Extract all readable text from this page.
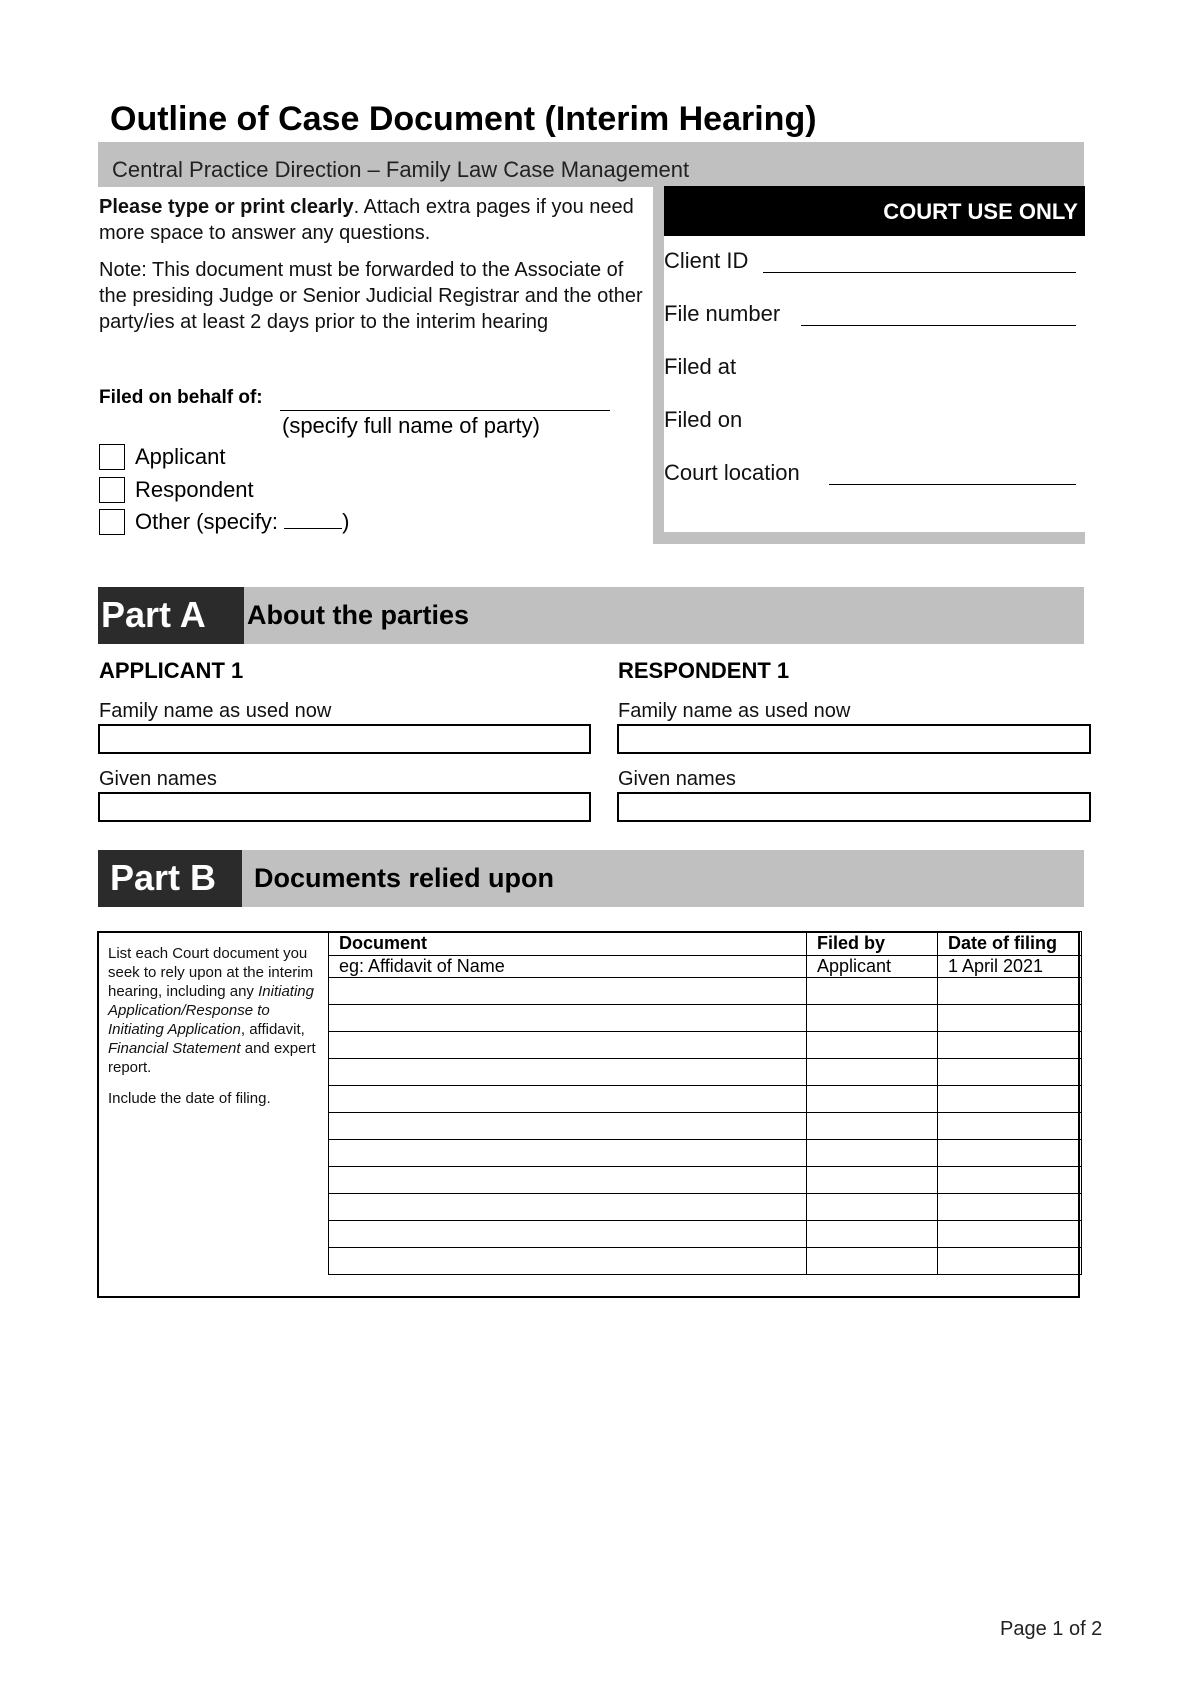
Outline of Case Document (Interim Hearing)
Central Practice Direction – Family Law Case Management
Please type or print clearly. Attach extra pages if you need more space to answer any questions.
Note: This document must be forwarded to the Associate of the presiding Judge or Senior Judicial Registrar and the other party/ies at least 2 days prior to the interim hearing
Filed on behalf of:
(specify full name of party)
Applicant
Respondent
Other (specify:	)
COURT USE ONLY
Client ID
File number
Filed at
Filed on
Court location
Part A About the parties
APPLICANT 1	RESPONDENT 1
Family name as used now	Family name as used now
Given names	Given names
Part B Documents relied upon

List each Court document you seek to rely upon at the interim hearing, including any Initiating Application/Response to Initiating Application, affidavit, Financial Statement and expert report.

Include the date of filing.

Document	Filed by	Date of filing
eg: Affidavit of Name	Applicant	1 April 2021

Page 1 of 2
